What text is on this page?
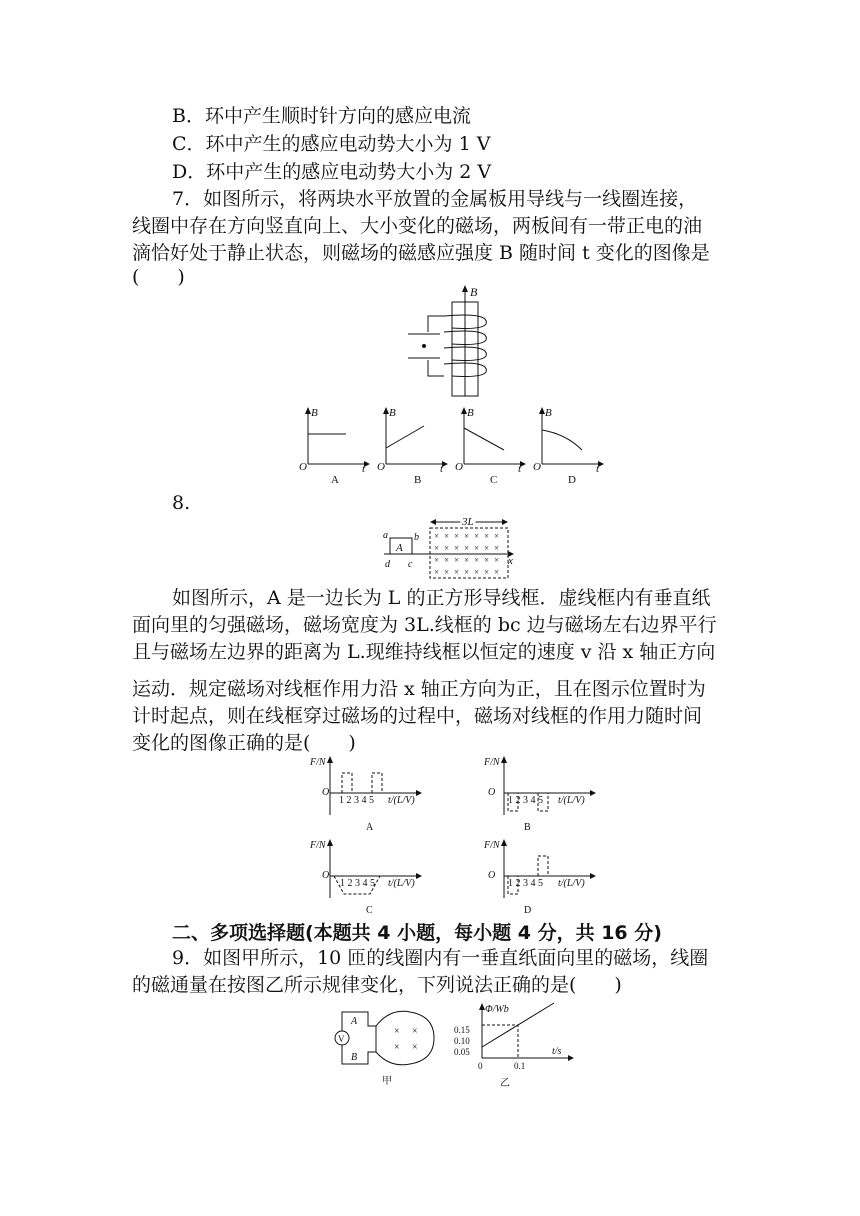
B．环中产生顺时针方向的感应电流
C．环中产生的感应电动势大小为 1 V
D．环中产生的感应电动势大小为 2 V
7．如图所示，将两块水平放置的金属板用导线与一线圈连接，
线圈中存在方向竖直向上、大小变化的磁场，两板间有一带正电的油
滴恰好处于静止状态，则磁场的磁感应强度 B 随时间 t 变化的图像是
(　　)
B
B
O	t
A
B
O	t
B
B
O	t
C
B
O	t
D
8.
3L
× × × × × × ×
× × × × × × ×
× × × × × × ×
× × × × × × ×
x
A
a	b
c
d
如图所示，A 是一边长为 L 的正方形导线框．虚线框内有垂直纸
面向里的匀强磁场，磁场宽度为 3L.线框的 bc 边与磁场左右边界平行
且与磁场左边界的距离为 L.现维持线框以恒定的速度 v 沿 x 轴正方向
运动．规定磁场对线框作用力沿 x 轴正方向为正，且在图示位置时为
计时起点，则在线框穿过磁场的过程中，磁场对线框的作用力随时间
变化的图像正确的是(　　)
F/N
O
1 2 3 4 5 t/(L/V)
A
F/N
O
1 2 3 4 5 t/(L/V)
B
F/N
O
1 2 3 4 5 t/(L/V)
C
F/N
O
1 2 3 4 5 t/(L/V)
D
二、多项选择题(本题共 4 小题，每小题 4 分，共 16 分)
9．如图甲所示，10 匝的线圈内有一垂直纸面向里的磁场，线圈
的磁通量在按图乙所示规律变化，下列说法正确的是(　　)
V
× ×
× ×
A
B
甲
Φ/Wb
t/s
0.15
0.10
0.05
0	0.1
乙
